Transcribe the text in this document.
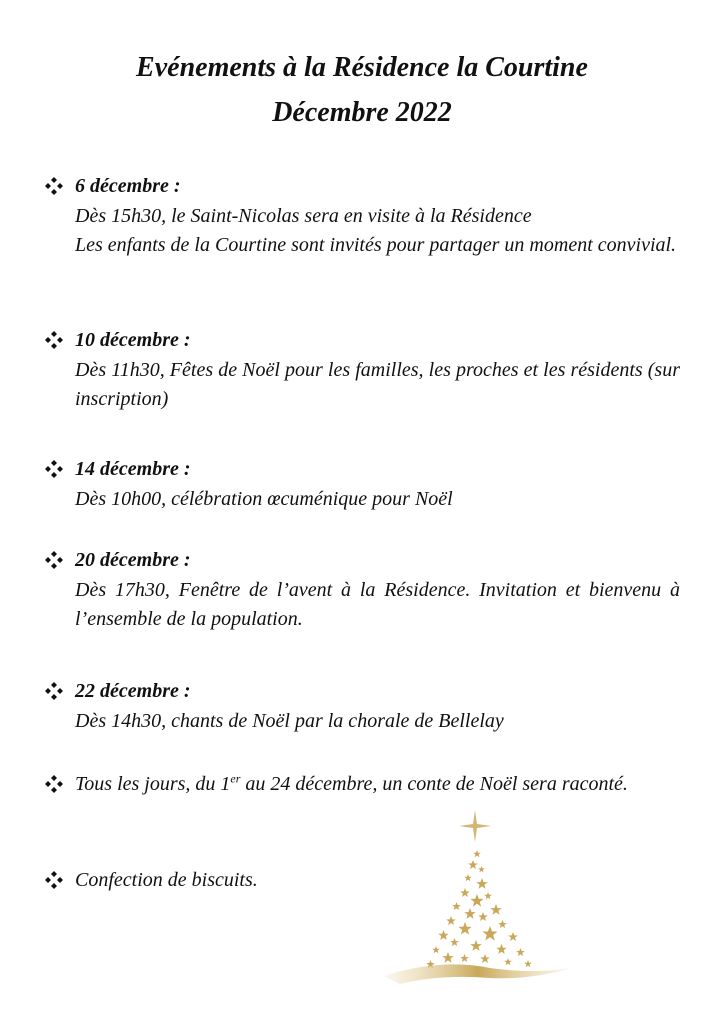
Evénements à la Résidence la Courtine
Décembre 2022
6 décembre :
Dès 15h30, le Saint-Nicolas sera en visite à la Résidence
Les enfants de la Courtine sont invités pour partager un moment convivial.
10 décembre :
Dès 11h30, Fêtes de Noël pour les familles, les proches et les résidents (sur inscription)
14 décembre :
Dès 10h00, célébration œcuménique pour Noël
20 décembre :
Dès 17h30, Fenêtre de l’avent à la Résidence. Invitation et bienvenu à l’ensemble de la population.
22 décembre :
Dès 14h30, chants de Noël par la chorale de Bellelay
Tous les jours, du 1er au 24 décembre, un conte de Noël sera raconté.
Confection de biscuits.
